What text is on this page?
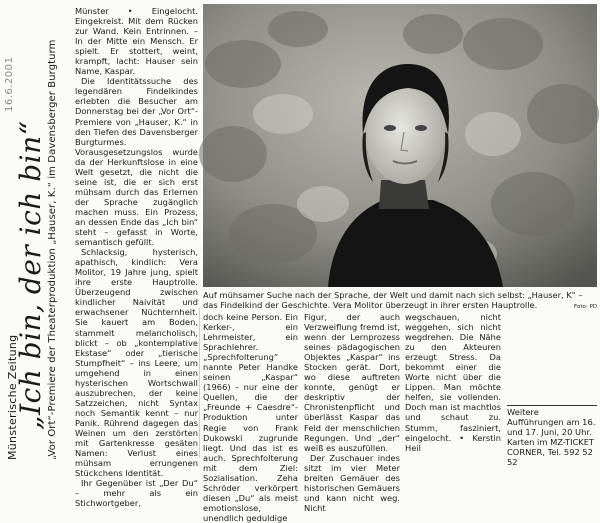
16.6.2001
Münsterische Zeitung
„Ich bin, der ich bin“ „Vor Ort“-Premiere der Theaterproduktion „Hauser, K.“ im Davensberger Burgturm

Münster • Eingelocht. Eingekreist. Mit dem Rücken zur Wand. Kein Entrinnen. – In der Mitte ein Mensch. Er spielt. Er stottert, weint, krampft, lacht: Hauser sein Name, Kaspar.

Die Identitätssuche des legendären Findelkindes erlebten die Besucher am Donnerstag bei der „Vor Ort“-Premiere von „Hauser, K.“ in den Tiefen des Davensberger Burgturmes. Vorausgesetzungslos wurde da der Herkunftslose in eine Welt gesetzt, die nicht die seine ist, die er sich erst mühsam durch das Erlernen der Sprache zugänglich machen muss. Ein Prozess, an dessen Ende das „Ich bin“ steht – gefasst in Worte, semantisch gefüllt.

Schlacksig, hysterisch, apathisch, kindlich: Vera Molitor, 19 Jahre jung, spielt ihre erste Hauptrolle. Überzeugend zwischen kindlicher Naivität und erwachsener Nüchternheit. Sie kauert am Boden, stammelt melancholisch, blickt – ob „kontemplative Ekstase“ oder „tierische Stumpfheit“ – ins Leere, um umgehend in einen hysterischen Wortschwall auszubrechen, der keine Satzzeichen, nicht Syntax noch Semantik kennt – nur Panik. Rührend dagegen das Weinen um den zerstörten mit Gartenkresse gesäten Namen: Verlust eines mühsam errungenen Stückchens Identität.

Ihr Gegenüber ist „Der Du“ – mehr als ein Stichwortgeber,

Auf mühsamer Suche nach der Sprache, der Welt und damit nach sich selbst: „Hauser, K“ – das Findelkind der Geschichte. Vera Molitor überzeugt in ihrer ersten Hauptrolle.	Foto: PD

doch keine Person. Ein Kerker-, ein Lehrmeister, ein Sprachlehrer. „Sprechfolterung“ nannte Peter Handke seinen „Kaspar“ (1966) – nur eine der Quellen, die der „Freunde + Caesdre“-Produktion unter Regie von Frank Dukowski zugrunde liegt. Und das ist es auch. Sprechfolterung mit dem Ziel: Sozialisation. Zeha Schröder verkörpert diesen „Du“ als meist emotionslose, unendlich geduldige

Figur, der auch Verzweiflung fremd ist, wenn der Lernprozess seines pädagogischen Objektes „Kaspar“ ins Stocken gerät. Dort, wo diese auftreten konnte, genügt er deskriptiv der Chronistenpflicht und überlässt Kaspar das Feld der menschlichen Regungen. Und „der“ weiß es auszufüllen.

Der Zuschauer indes sitzt im vier Meter breiten Gemäuer des historischen Gemäuers und kann nicht weg. Nicht

wegschauen, nicht weggehen, sich nicht wegdrehen. Die Nähe zu den Akteuren erzeugt Stress. Da bekommt einer die Worte nicht über die Lippen. Man möchte helfen, sie vollenden. Doch man ist machtlos und schaut zu. Stumm, fasziniert, eingelocht. • Kerstin Heil

Weitere Aufführungen am 16. und 17. Juni, 20 Uhr. Karten im MZ-TICKET CORNER, Tel. 592 52 52
